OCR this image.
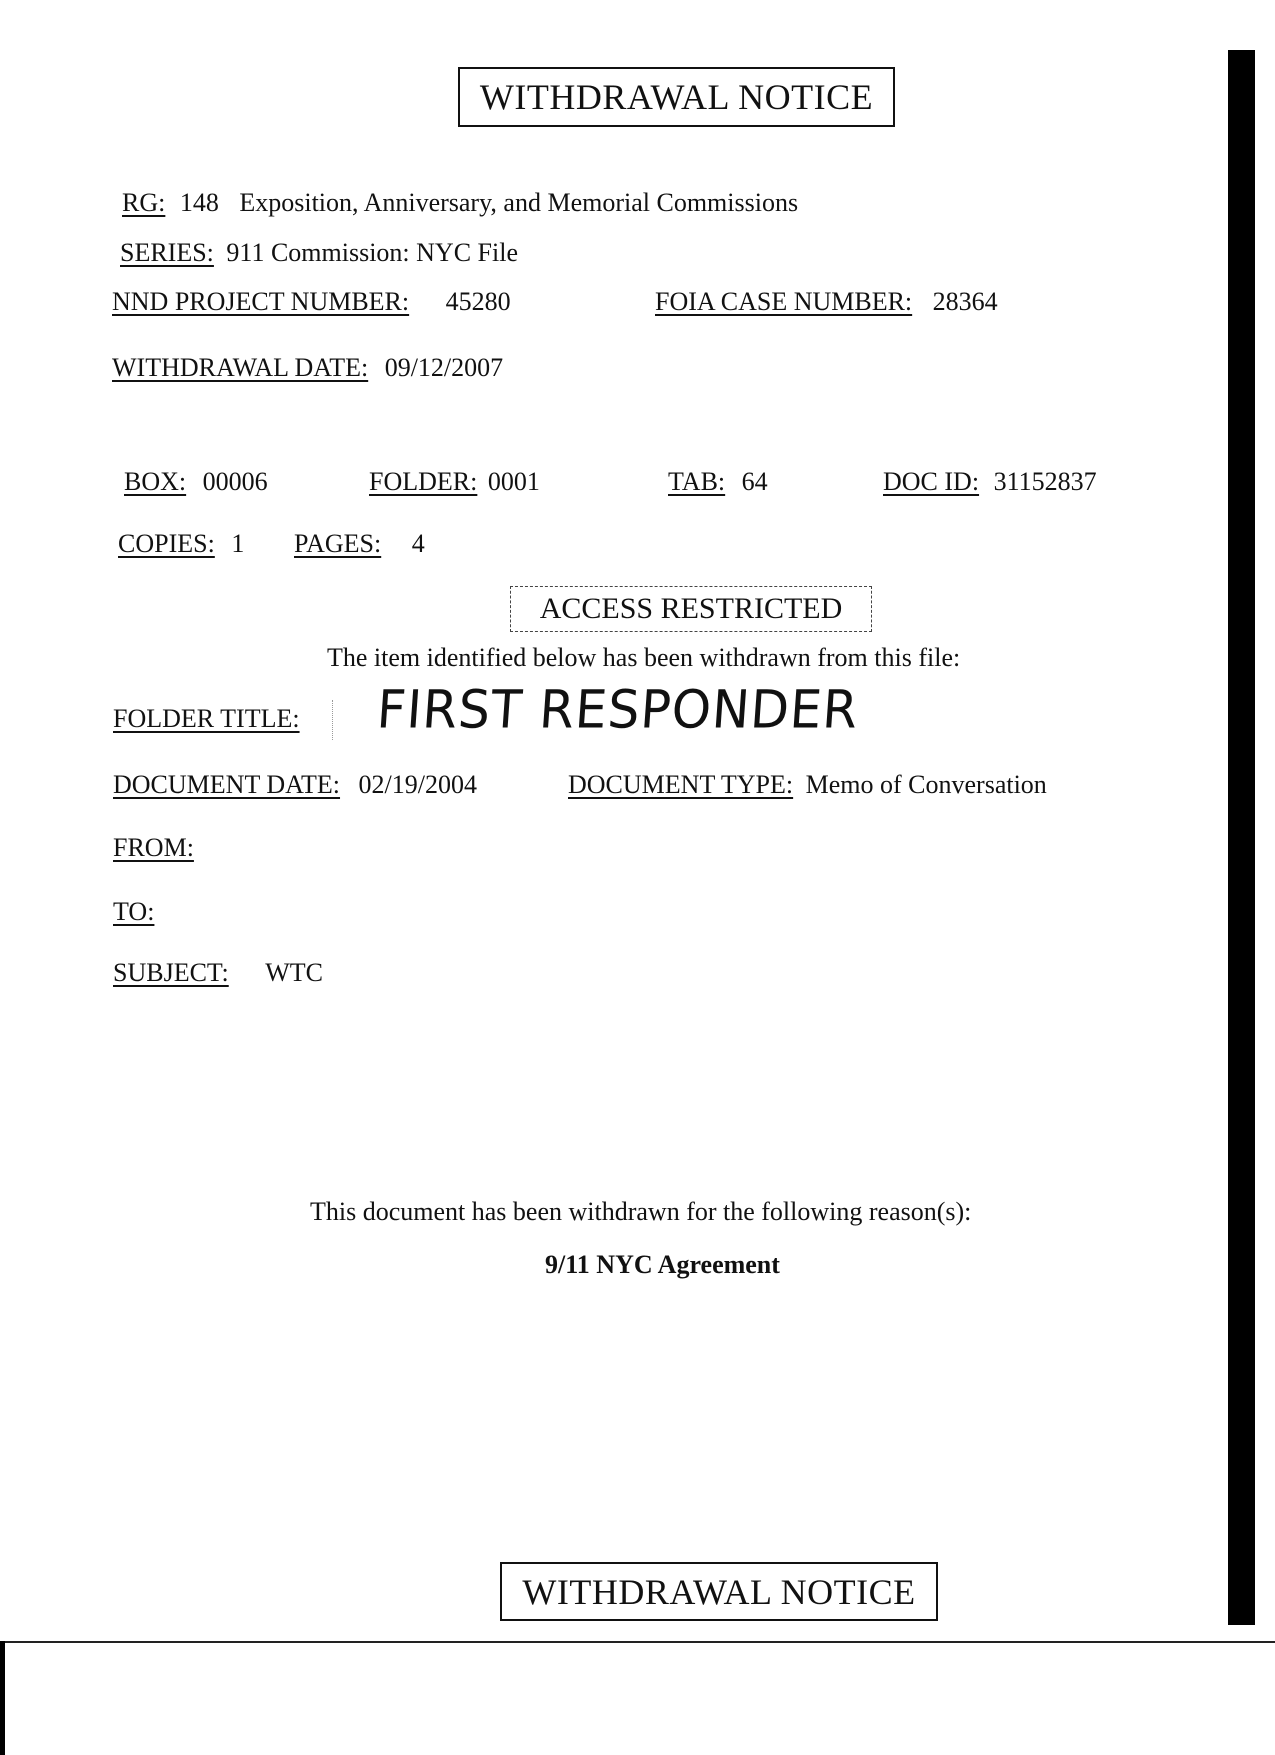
WITHDRAWAL NOTICE
RG: 148 Exposition, Anniversary, and Memorial Commissions
SERIES: 911 Commission: NYC File
NND PROJECT NUMBER: 45280	FOIA CASE NUMBER: 28364
WITHDRAWAL DATE: 09/12/2007
BOX: 00006	FOLDER: 0001	TAB: 64	DOC ID: 31152837
COPIES: 1 PAGES: 4
ACCESS RESTRICTED
The item identified below has been withdrawn from this file:
FOLDER TITLE: FIRST RESPONDER
DOCUMENT DATE: 02/19/2004	DOCUMENT TYPE: Memo of Conversation
FROM:
TO:
SUBJECT: WTC
This document has been withdrawn for the following reason(s):
9/11 NYC Agreement
WITHDRAWAL NOTICE
